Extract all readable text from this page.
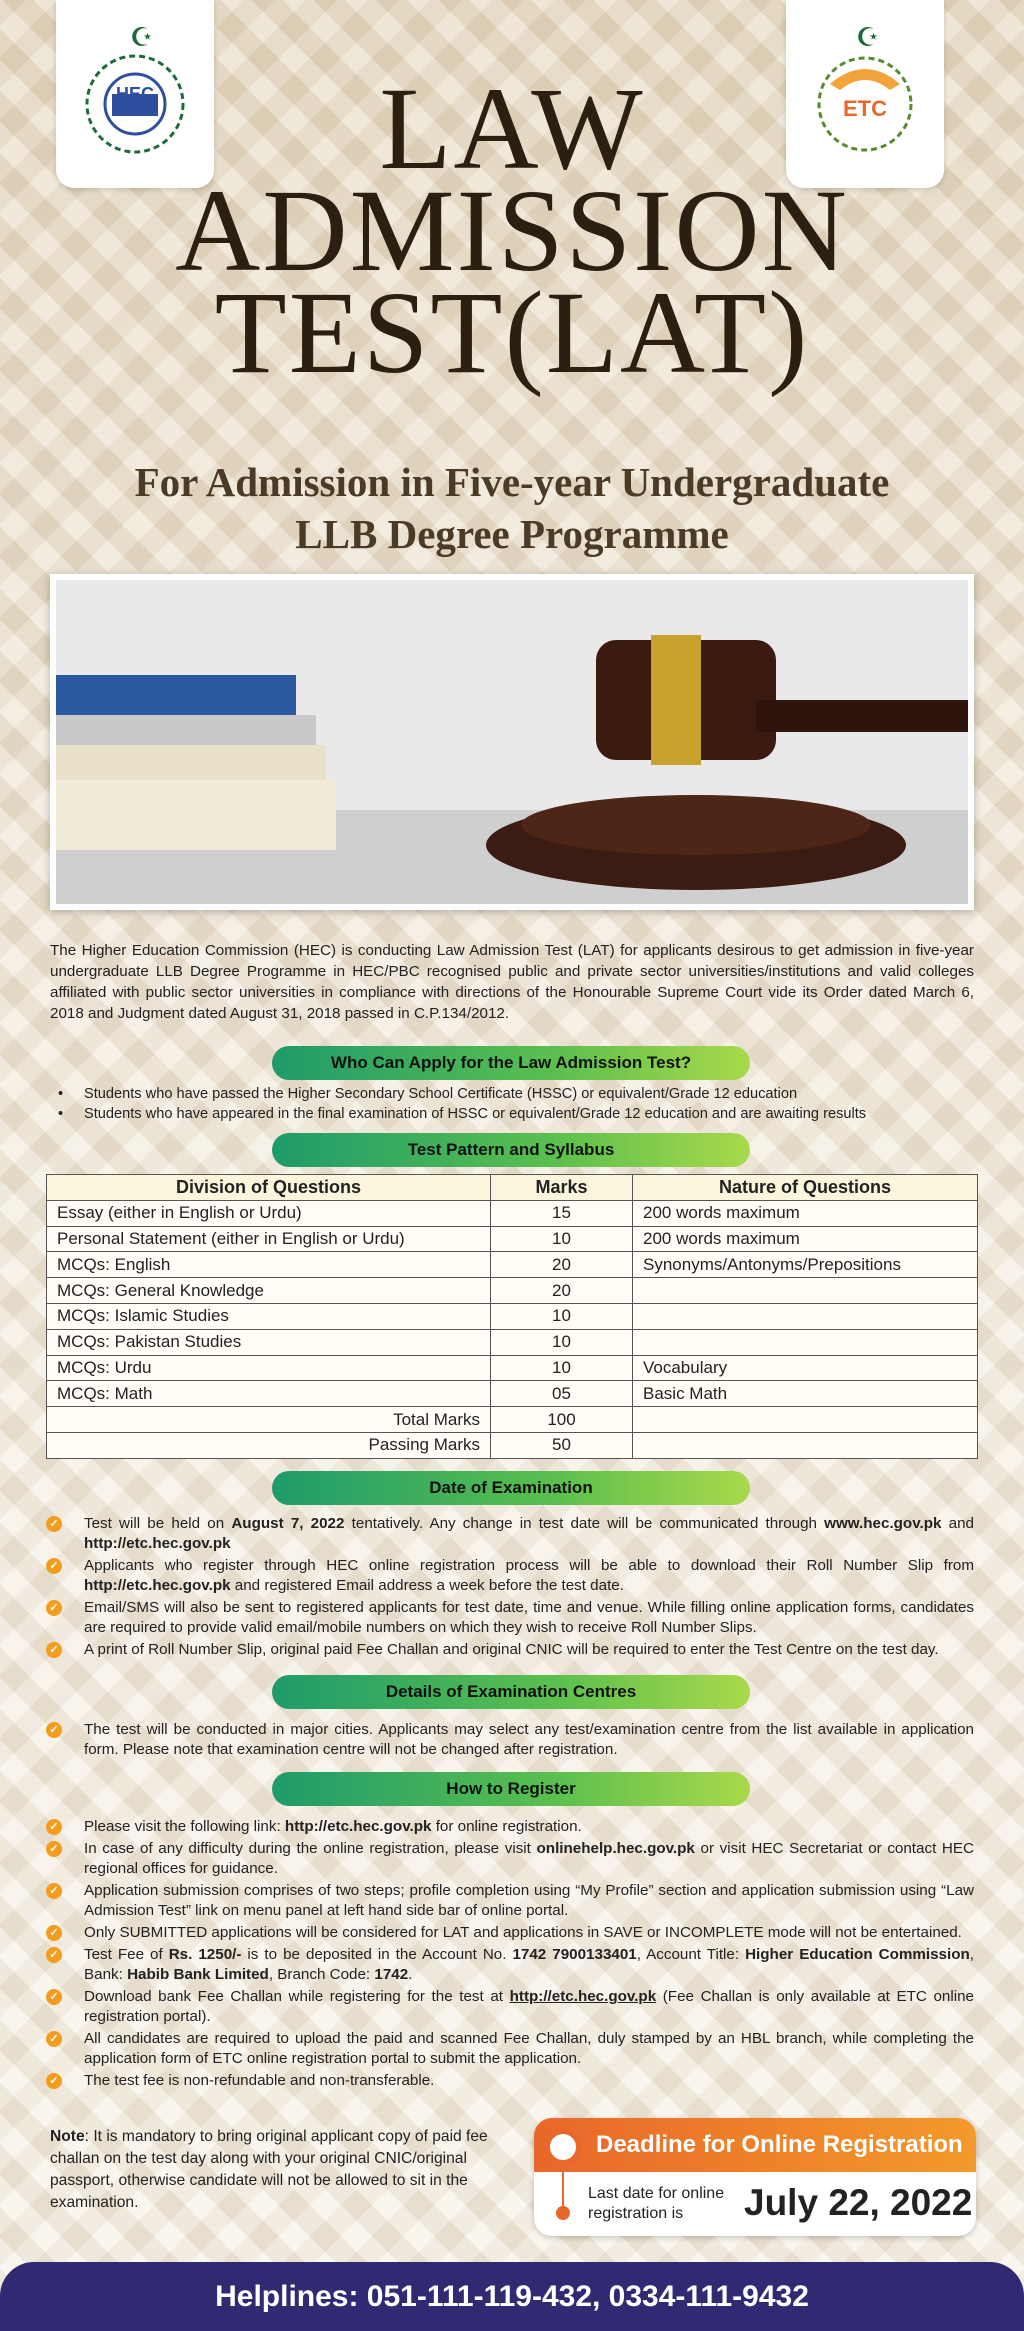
☪
HEC
☪
ETC
LAW
ADMISSION
TEST(LAT)
For Admission in Five-year Undergraduate
LLB Degree Programme

The Higher Education Commission (HEC) is conducting Law Admission Test (LAT) for applicants desirous to get admission in five-year undergraduate LLB Degree Programme in HEC/PBC recognised public and private sector universities/institutions and valid colleges affiliated with public sector universities in compliance with directions of the Honourable Supreme Court vide its Order dated March 6, 2018 and Judgment dated August 31, 2018 passed in C.P.134/2012.

Who Can Apply for the Law Admission Test?
• Students who have passed the Higher Secondary School Certificate (HSSC) or equivalent/Grade 12 education
• Students who have appeared in the final examination of HSSC or equivalent/Grade 12 education and are awaiting results
Test Pattern and Syllabus
Division of Questions	Marks	Nature of Questions
Essay (either in English or Urdu)	15	200 words maximum
Personal Statement (either in English or Urdu)	10	200 words maximum
MCQs: English	20	Synonyms/Antonyms/Prepositions
MCQs: General Knowledge	20	
MCQs: Islamic Studies	10	
MCQs: Pakistan Studies	10	
MCQs: Urdu	10	Vocabulary
MCQs: Math	05	Basic Math
Total Marks	100	
Passing Marks	50	
Date of Examination
✓ Test will be held on August 7, 2022 tentatively. Any change in test date will be communicated through www.hec.gov.pk and http://etc.hec.gov.pk
✓ Applicants who register through HEC online registration process will be able to download their Roll Number Slip from http://etc.hec.gov.pk and registered Email address a week before the test date.
✓ Email/SMS will also be sent to registered applicants for test date, time and venue. While filling online application forms, candidates are required to provide valid email/mobile numbers on which they wish to receive Roll Number Slips.
✓ A print of Roll Number Slip, original paid Fee Challan and original CNIC will be required to enter the Test Centre on the test day.
Details of Examination Centres
✓ The test will be conducted in major cities. Applicants may select any test/examination centre from the list available in application form. Please note that examination centre will not be changed after registration.
How to Register
✓ Please visit the following link: http://etc.hec.gov.pk for online registration.
✓ In case of any difficulty during the online registration, please visit onlinehelp.hec.gov.pk or visit HEC Secretariat or contact HEC regional offices for guidance.
✓ Application submission comprises of two steps; profile completion using “My Profile” section and application submission using “Law Admission Test” link on menu panel at left hand side bar of online portal.
✓ Only SUBMITTED applications will be considered for LAT and applications in SAVE or INCOMPLETE mode will not be entertained.
✓ Test Fee of Rs. 1250/- is to be deposited in the Account No. 1742 7900133401, Account Title: Higher Education Commission, Bank: Habib Bank Limited, Branch Code: 1742.
✓ Download bank Fee Challan while registering for the test at http://etc.hec.gov.pk (Fee Challan is only available at ETC online registration portal).
✓ All candidates are required to upload the paid and scanned Fee Challan, duly stamped by an HBL branch, while completing the application form of ETC online registration portal to submit the application.
✓ The test fee is non-refundable and non-transferable.

Note: It is mandatory to bring original applicant copy of paid fee challan on the test day along with your original CNIC/original passport, otherwise candidate will not be allowed to sit in the examination.

Deadline for Online Registration
Last date for online registration is	July 22, 2022
Helplines: 051-111-119-432, 0334-111-9432
